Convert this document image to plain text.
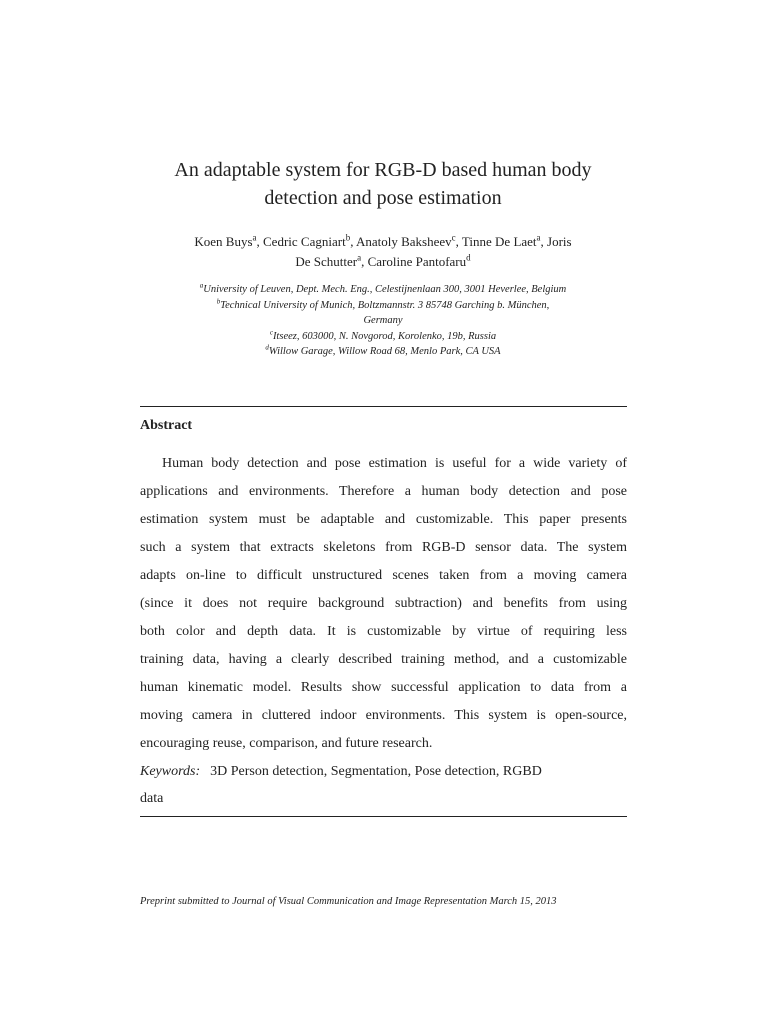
An adaptable system for RGB-D based human body
detection and pose estimation
Koen Buys$^a$, Cedric Cagniart$^b$, Anatoly Baksheev$^c$, Tinne De Laet$^a$, Joris
De Schutter$^a$, Caroline Pantofaru$^d$
$^a$University of Leuven, Dept. Mech. Eng., Celestijnenlaan 300, 3001 Heverlee, Belgium
$^b$Technical University of Munich, Boltzmannstr. 3 85748 Garching b. München,
Germany
$^c$Itseez, 603000, N. Novgorod, Korolenko, 19b, Russia
$^d$Willow Garage, Willow Road 68, Menlo Park, CA USA
Abstract
Human body detection and pose estimation is useful for a wide variety of
applications and environments. Therefore a human body detection and pose
estimation system must be adaptable and customizable. This paper presents
such a system that extracts skeletons from RGB-D sensor data. The system
adapts on-line to difficult unstructured scenes taken from a moving camera
(since it does not require background subtraction) and benefits from using
both color and depth data. It is customizable by virtue of requiring less
training data, having a clearly described training method, and a customizable
human kinematic model. Results show successful application to data from a
moving camera in cluttered indoor environments. This system is open-source,
encouraging reuse, comparison, and future research.
Keywords: 3D Person detection, Segmentation, Pose detection, RGBD
data
Preprint submitted to Journal of Visual Communication and Image Representation March 15, 2013
